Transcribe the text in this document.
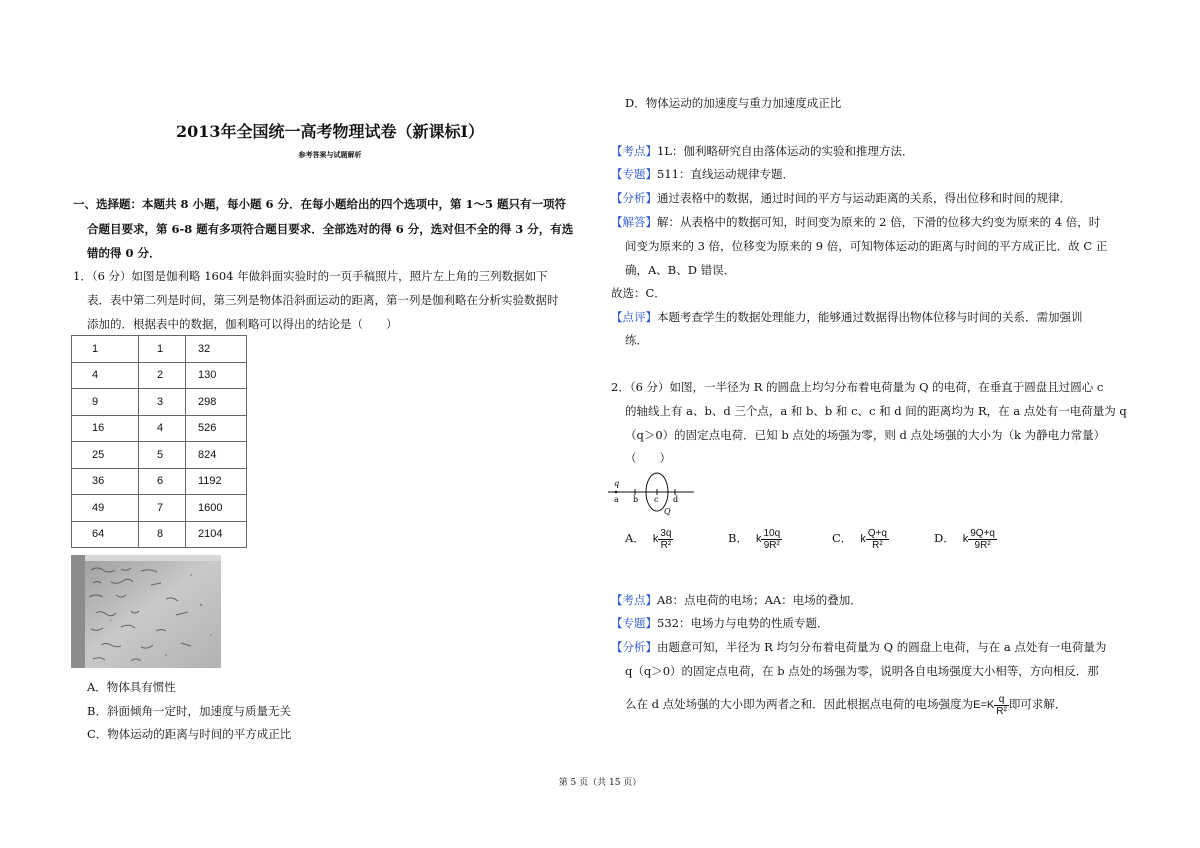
2013年全国统一高考物理试卷（新课标Ⅰ）
参考答案与试题解析
一、选择题：本题共 8 小题，每小题 6 分．在每小题给出的四个选项中，第 1～5 题只有一项符
合题目要求，第 6-8 题有多项符合题目要求．全部选对的得 6 分，选对但不全的得 3 分，有选
错的得 0 分．
1．（6 分）如图是伽利略 1604 年做斜面实验时的一页手稿照片，照片左上角的三列数据如下
表．表中第二列是时间，第三列是物体沿斜面运动的距离，第一列是伽利略在分析实验数据时
添加的．根据表中的数据，伽利略可以得出的结论是（　　）
1	1	32
4	2	130
9	3	298
16	4	526
25	5	824
36	6	1192
49	7	1600
64	8	2104
A．物体具有惯性
B．斜面倾角一定时，加速度与质量无关
C．物体运动的距离与时间的平方成正比
D．物体运动的加速度与重力加速度成正比
【考点】1L：伽利略研究自由落体运动的实验和推理方法．
【专题】511：直线运动规律专题．
【分析】通过表格中的数据，通过时间的平方与运动距离的关系，得出位移和时间的规律．
【解答】解：从表格中的数据可知，时间变为原来的 2 倍，下滑的位移大约变为原来的 4 倍，时
间变为原来的 3 倍，位移变为原来的 9 倍，可知物体运动的距离与时间的平方成正比．故 C 正
确，A、B、D 错误．
故选：C．
【点评】本题考查学生的数据处理能力，能够通过数据得出物体位移与时间的关系．需加强训
练．
2．（6 分）如图，一半径为 R 的圆盘上均匀分布着电荷量为 Q 的电荷，在垂直于圆盘且过圆心 c
的轴线上有 a、b、d 三个点，a 和 b、b 和 c、c 和 d 间的距离均为 R，在 a 点处有一电荷量为 q
（q＞0）的固定点电荷．已知 b 点处的场强为零，则 d 点处场强的大小为（k 为静电力常量）
（　　）
q
a b c d
Q
A． k $\frac{3q}{\text{R²}}$	B． k $\frac{10q}{\text{9R²}}$	C． k $\frac{Q+q}{\text{R²}}$	D． k $\frac{9Q+q}{\text{9R²}}$
【考点】A8：点电荷的电场；AA：电场的叠加．
【专题】532：电场力与电势的性质专题．
【分析】由题意可知，半径为 R 均匀分布着电荷量为 Q 的圆盘上电荷，与在 a 点处有一电荷量为
q（q＞0）的固定点电荷，在 b 点处的场强为零，说明各自电场强度大小相等，方向相反．那
么在 d 点处场强的大小即为两者之和．因此根据点电荷的电场强度为$E=K \frac{q}{\text{R²}}$ 即可求解．
第 5 页（共 15 页）
